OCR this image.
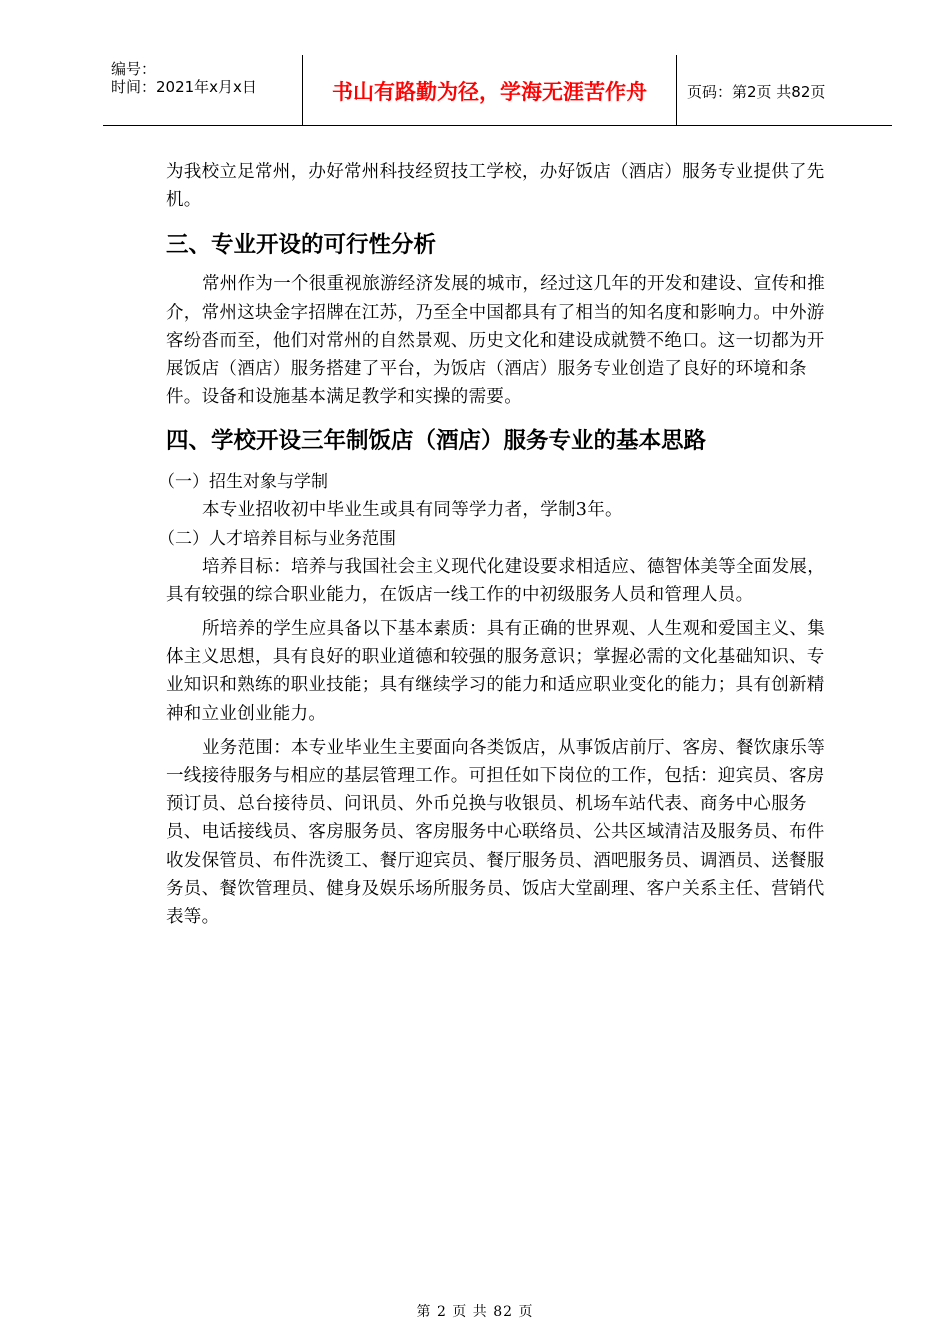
编号：
时间：2021年x月x日	书山有路勤为径，学海无涯苦作舟	页码：第2页 共82页

为我校立足常州，办好常州科技经贸技工学校，办好饭店（酒店）服务专业提供了先机。

三、专业开设的可行性分析

常州作为一个很重视旅游经济发展的城市，经过这几年的开发和建设、宣传和推介，常州这块金字招牌在江苏，乃至全中国都具有了相当的知名度和影响力。中外游客纷沓而至，他们对常州的自然景观、历史文化和建设成就赞不绝口。这一切都为开展饭店（酒店）服务搭建了平台，为饭店（酒店）服务专业创造了良好的环境和条件。设备和设施基本满足教学和实操的需要。

四、学校开设三年制饭店（酒店）服务专业的基本思路

（一）招生对象与学制

本专业招收初中毕业生或具有同等学力者，学制3年。

（二）人才培养目标与业务范围

培养目标：培养与我国社会主义现代化建设要求相适应、德智体美等全面发展，具有较强的综合职业能力，在饭店一线工作的中初级服务人员和管理人员。

所培养的学生应具备以下基本素质：具有正确的世界观、人生观和爱国主义、集体主义思想，具有良好的职业道德和较强的服务意识；掌握必需的文化基础知识、专业知识和熟练的职业技能；具有继续学习的能力和适应职业变化的能力；具有创新精神和立业创业能力。

业务范围：本专业毕业生主要面向各类饭店，从事饭店前厅、客房、餐饮康乐等一线接待服务与相应的基层管理工作。可担任如下岗位的工作，包括：迎宾员、客房预订员、总台接待员、问讯员、外币兑换与收银员、机场车站代表、商务中心服务员、电话接线员、客房服务员、客房服务中心联络员、公共区域清洁及服务员、布件收发保管员、布件洗烫工、餐厅迎宾员、餐厅服务员、酒吧服务员、调酒员、送餐服务员、餐饮管理员、健身及娱乐场所服务员、饭店大堂副理、客户关系主任、营销代表等。

第 2 页 共 82 页
